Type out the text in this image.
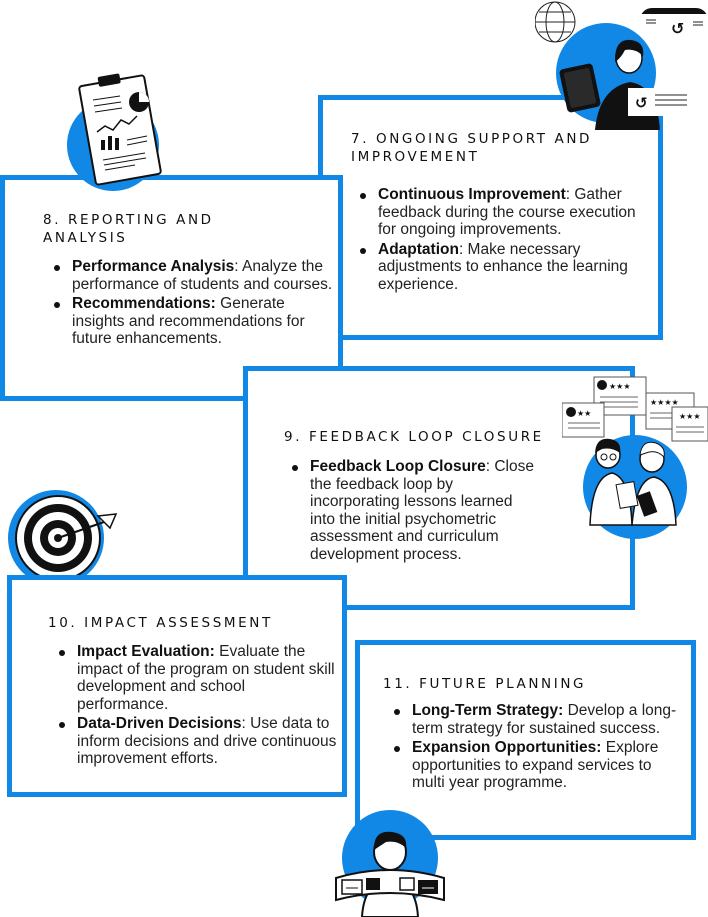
7. ONGOING SUPPORT AND IMPROVEMENT
Continuous Improvement: Gather feedback during the course execution for ongoing improvements.
Adaptation: Make necessary adjustments to enhance the learning experience.
↺
↺
8. REPORTING AND ANALYSIS
Performance Analysis: Analyze the performance of students and courses.
Recommendations: Generate insights and recommendations for future enhancements.
9. FEEDBACK LOOP CLOSURE
Feedback Loop Closure: Close the feedback loop by incorporating lessons learned into the initial psychometric assessment and curriculum development process.
★★★
★★★★
★★★
★★
10. IMPACT ASSESSMENT
Impact Evaluation: Evaluate the impact of the program on student skill development and school performance.
Data-Driven Decisions: Use data to inform decisions and drive continuous improvement efforts.
11. FUTURE PLANNING
Long-Term Strategy: Develop a long-term strategy for sustained success.
Expansion Opportunities: Explore opportunities to expand services to multi year programme.
